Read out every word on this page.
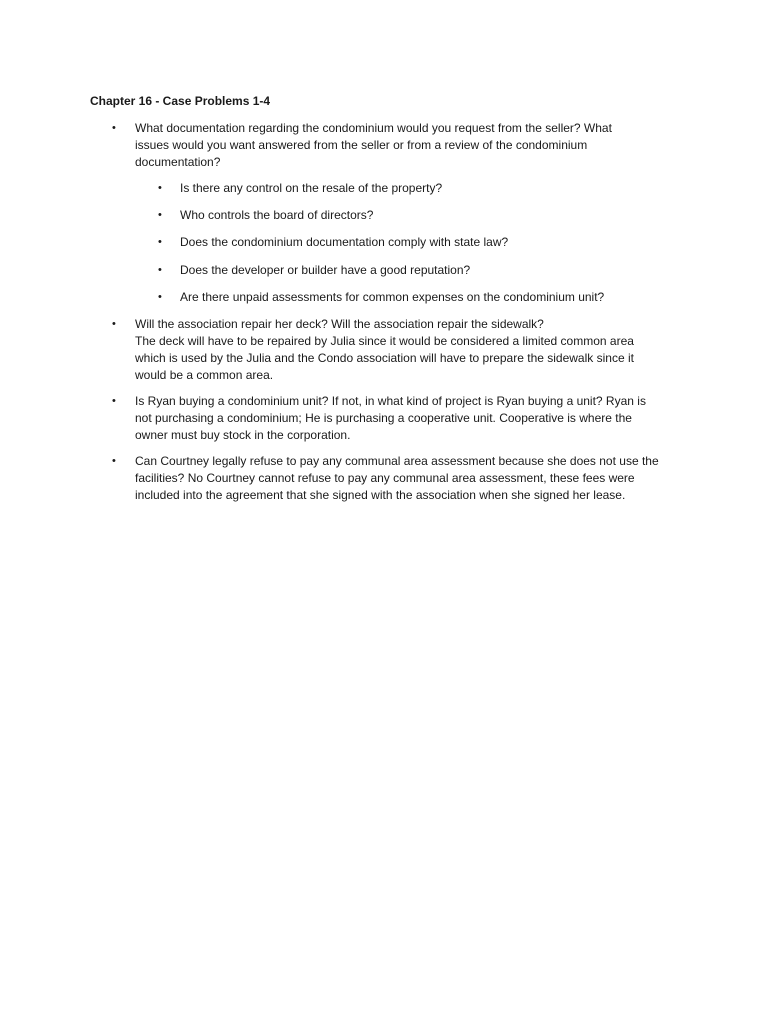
Chapter 16 - Case Problems 1-4
• What documentation regarding the condominium would you request from the seller? What
issues would you want answered from the seller or from a review of the condominium
documentation?
• Is there any control on the resale of the property?
• Who controls the board of directors?
• Does the condominium documentation comply with state law?
• Does the developer or builder have a good reputation?
• Are there unpaid assessments for common expenses on the condominium unit?
• Will the association repair her deck? Will the association repair the sidewalk?
The deck will have to be repaired by Julia since it would be considered a limited common area
which is used by the Julia and the Condo association will have to prepare the sidewalk since it
would be a common area.
• Is Ryan buying a condominium unit? If not, in what kind of project is Ryan buying a unit? Ryan is
not purchasing a condominium; He is purchasing a cooperative unit. Cooperative is where the
owner must buy stock in the corporation.
• Can Courtney legally refuse to pay any communal area assessment because she does not use the
facilities? No Courtney cannot refuse to pay any communal area assessment, these fees were
included into the agreement that she signed with the association when she signed her lease.
